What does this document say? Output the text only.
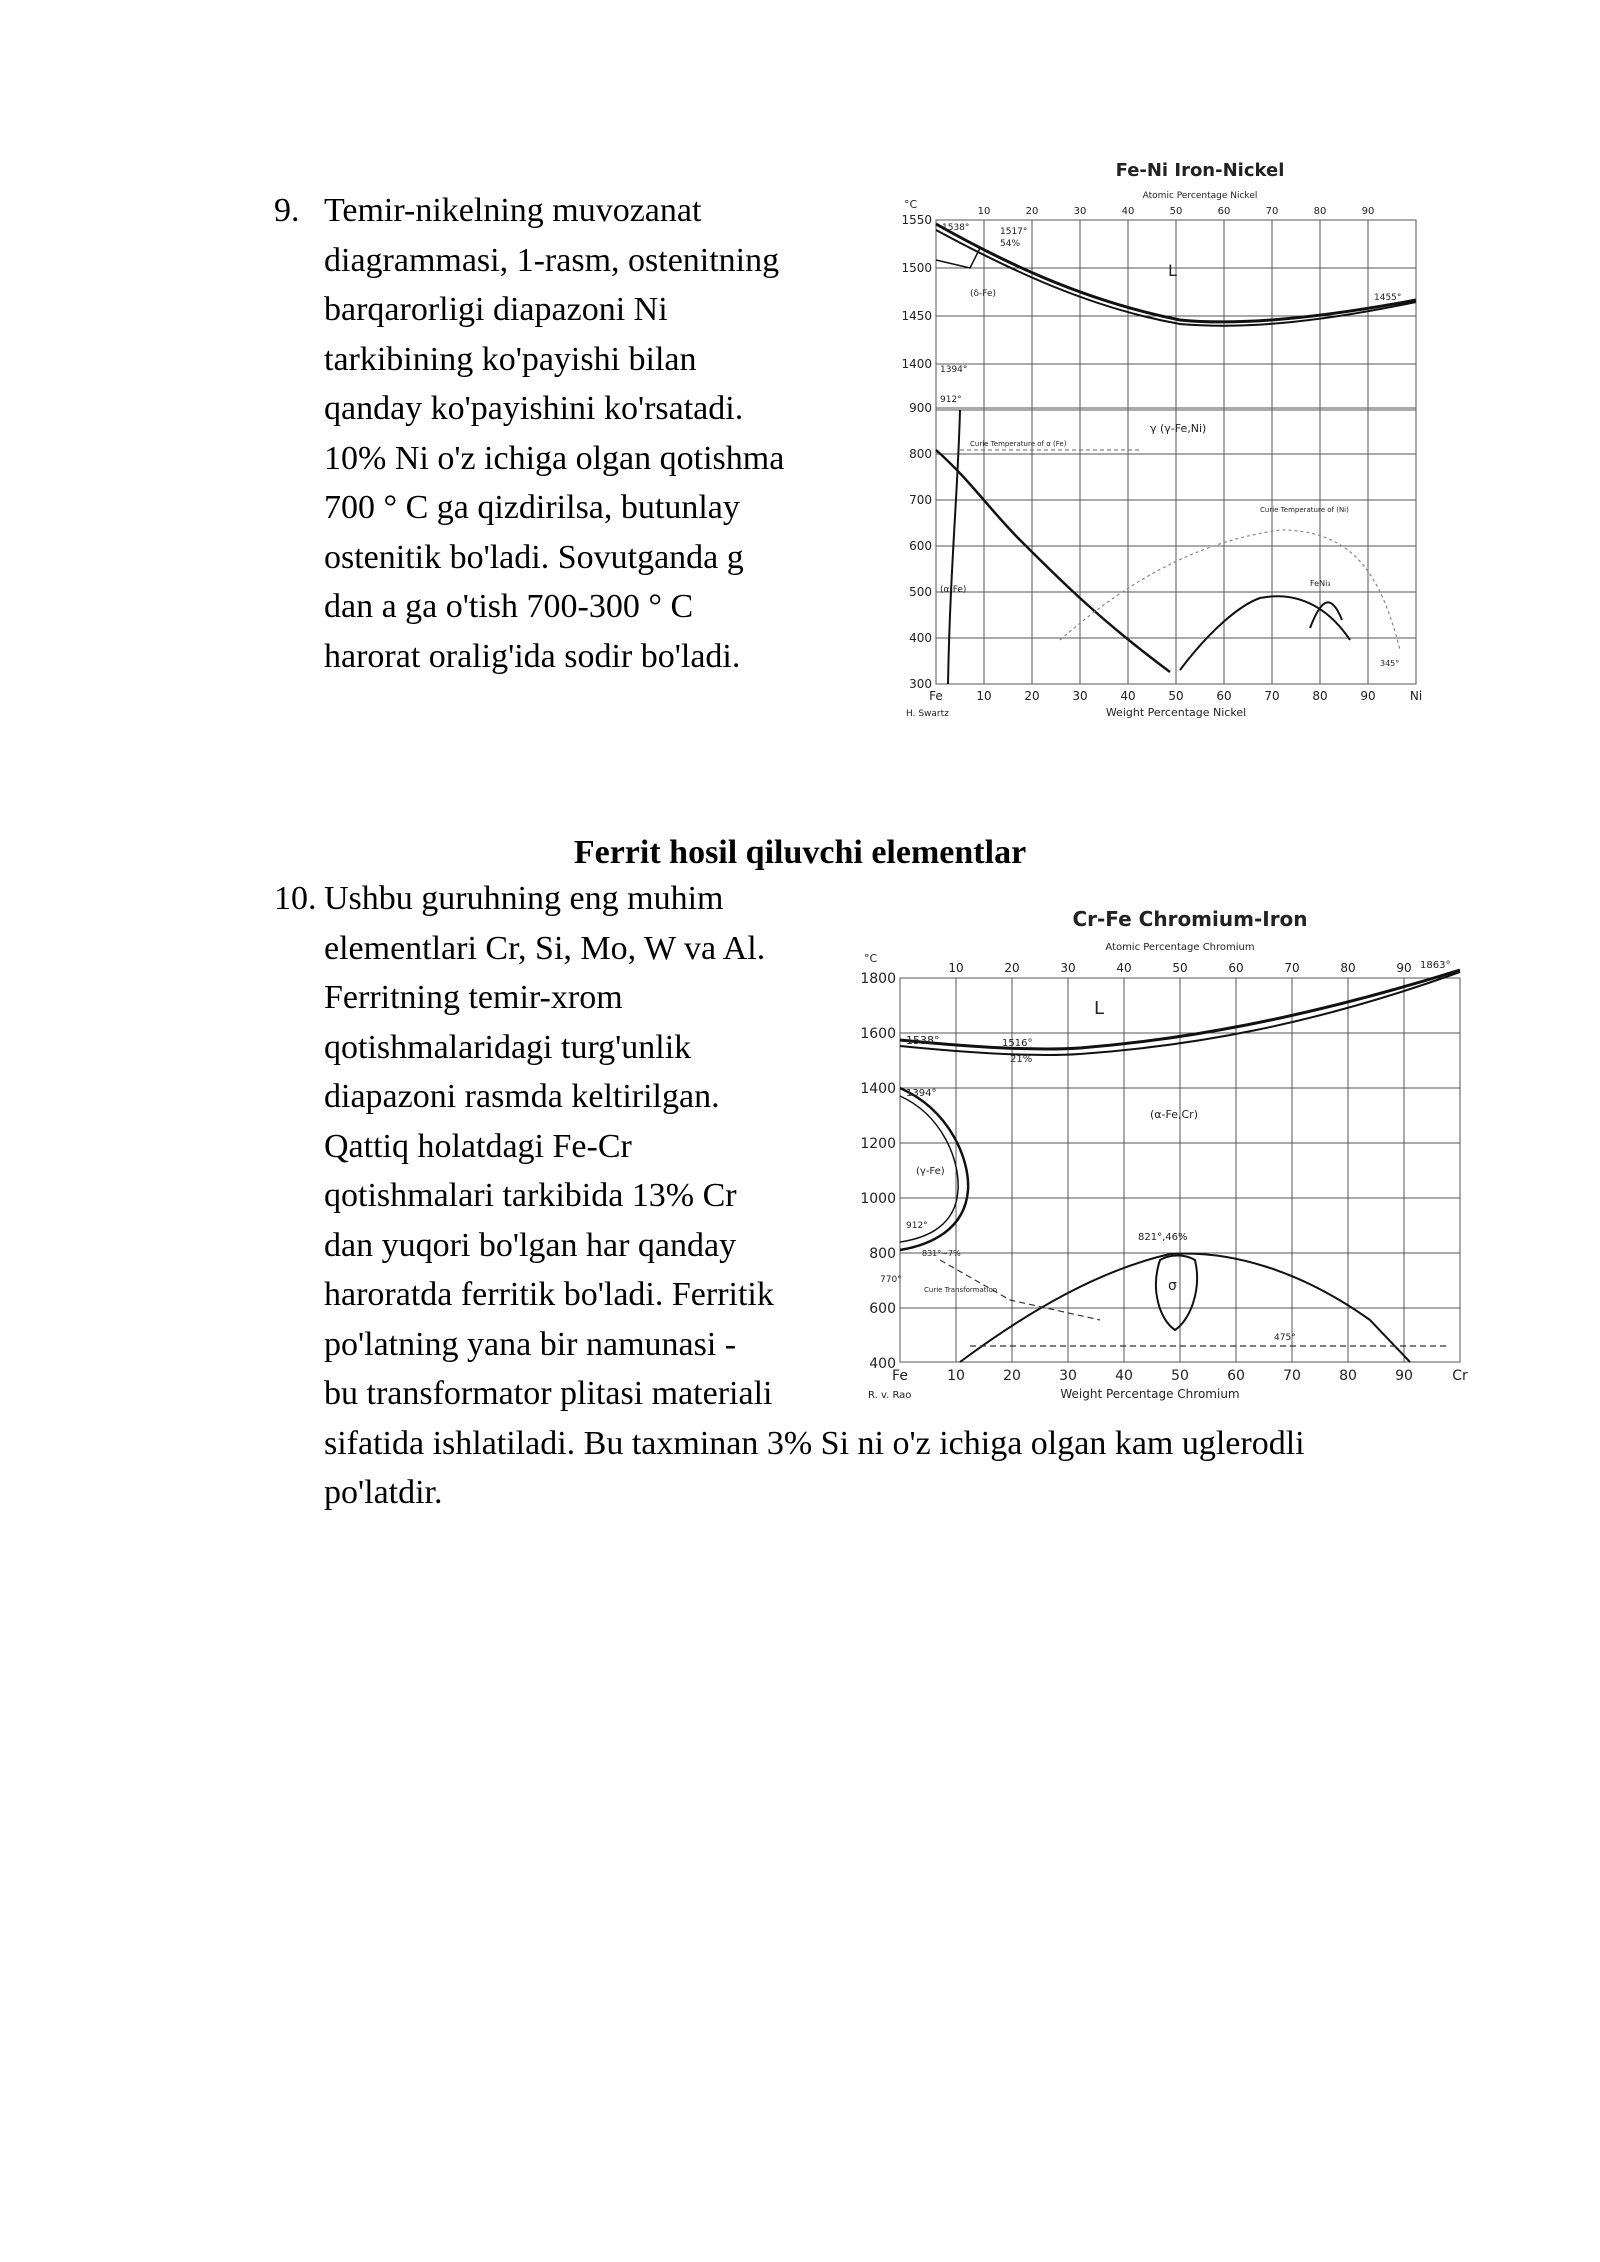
9. Temir-nikelning muvozanat
diagrammasi, 1-rasm, ostenitning
barqarorligi diapazoni Ni
tarkibining ko'payishi bilan
qanday ko'payishini ko'rsatadi.
10% Ni o'z ichiga olgan qotishma
700 ° C ga qizdirilsa, butunlay
ostenitik bo'ladi. Sovutganda g
dan a ga o'tish 700-300 ° C
harorat oralig'ida sodir bo'ladi.
Fe-Ni Iron-Nickel
Atomic Percentage Nickel
°C
1538°	1517°
54%
(δ-Fe)
L
1455°
1394°
912°
γ (γ-Fe,Ni)
(α-Fe)
Curie Temperature of α (Fe)
Curie Temperature of (Ni)
345°
FeNi₃
1550
1500
1450
1400
900
800
700
600
500
400
300
10	20	30	40	50	60	70	80	90
Fe	10	20	30	40	50	60	70	80	90	Ni
Weight Percentage Nickel
H. Swartz
Ferrit hosil qiluvchi elementlar
10. Ushbu guruhning eng muhim
elementlari Cr, Si, Mo, W va Al.
Ferritning temir-xrom
qotishmalaridagi turg'unlik
diapazoni rasmda keltirilgan.
Qattiq holatdagi Fe-Cr
qotishmalari tarkibida 13% Cr
dan yuqori bo'lgan har qanday
haroratda ferritik bo'ladi. Ferritik
po'latning yana bir namunasi -
bu transformator plitasi materiali
sifatida ishlatiladi. Bu taxminan 3% Si ni o'z ichiga olgan kam uglerodli
po'latdir.
Cr-Fe Chromium-Iron
Atomic Percentage Chromium
°C
1863°
L
1538°	1516°
21%
1394°
(α-Fe,Cr)
(γ-Fe)
912°
831°~7%
821°,46%
σ
Curie Transformation
475°
1800
1600
1400
1200
1000
800
600
400
770°
10	20	30	40	50	60	70	80	90
Fe	10	20	30	40	50	60	70	80	90	Cr
Weight Percentage Chromium
R. v. Rao
